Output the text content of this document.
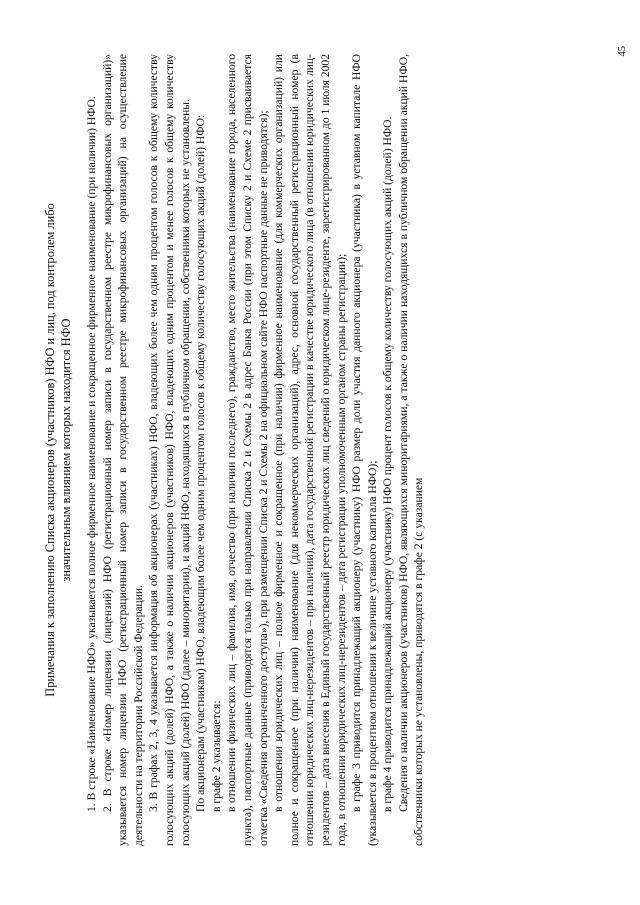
45

Примечания к заполнению Списка акционеров (участников) НФО и лиц, под контролем либо значительным влиянием которых находится НФО 1. В строке «Наименование НФО» указывается полное фирменное наименование и сокращенное фирменное наименование (при наличии) НФО. 2. В строке «Номер лицензии (лицензий) НФО (регистрационный номер записи в государственном реестре микрофинансовых организаций)» указывается номер лицензии НФО (регистрационный номер записи в государственном реестре микрофинансовых организаций) на осуществление деятельности на территории Российской Федерации. 3. В графах 2, 3, 4 указывается информация об акционерах (участниках) НФО, владеющих более чем одним процентом голосов к общему количеству голосующих акций (долей) НФО, а также о наличии акционеров (участников) НФО, владеющих одним процентом и менее голосов к общему количеству голосующих акций (долей) НФО (далее – миноритарии), и акций НФО, находящихся в публичном обращении, собственники которых не установлены. По акционерам (участникам) НФО, владеющим более чем одним процентом голосов к общему количеству голосующих акций (долей) НФО: в графе 2 указывается: в отношении физических лиц – фамилия, имя, отчество (при наличии последнего), гражданство, место жительства (наименование города, населенного пункта), паспортные данные (приводятся только при направлении Списка 2 и Схемы 2 в адрес Банка России (при этом Списку 2 и Схеме 2 присваивается отметка «Сведения ограниченного доступа»), при размещении Списка 2 и Схемы 2 на официальном сайте НФО паспортные данные не приводятся); в отношении юридических лиц – полное фирменное и сокращенное (при наличии) фирменное наименование (для коммерческих организаций) или полное и сокращенное (при наличии) наименование (для некоммерческих организаций), адрес, основной государственный регистрационный номер (в отношении юридических лиц-нерезидентов – при наличии), дата государственной регистрации в качестве юридического лица (в отношении юридических лиц-резидентов – дата внесения в Единый государственный реестр юридических лиц сведений о юридическом лице-резиденте, зарегистрированном до 1 июля 2002 года, в отношении юридических лиц-нерезидентов – дата регистрации уполномоченным органом страны регистрации); в графе 3 приводится принадлежащий акционеру (участнику) НФО размер доли участия данного акционера (участника) в уставном капитале НФО (указывается в процентном отношении к величине уставного капитала НФО); в графе 4 приводится принадлежащий акционеру (участнику) НФО процент голосов к общему количеству голосующих акций (долей) НФО. Сведения о наличии акционеров (участников) НФО, являющихся миноритариями, а также о наличии находящихся в публичном обращении акций НФО, собственники которых не установлены, приводятся в графе 2 (с указанием
